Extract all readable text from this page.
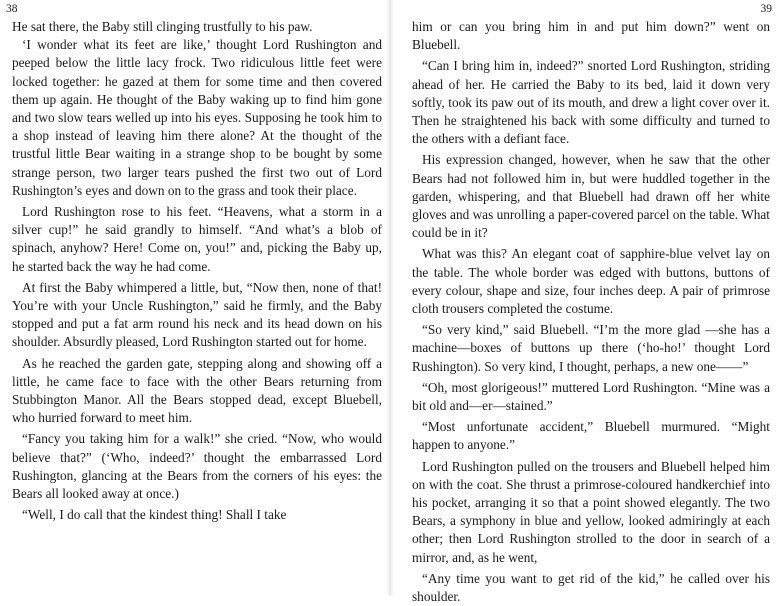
38

He sat there, the Baby still clinging trustfully to his paw.

‘I wonder what its feet are like,’ thought Lord Rushington and peeped below the little lacy frock. Two ridiculous little feet were locked together: he gazed at them for some time and then covered them up again. He thought of the Baby waking up to find him gone and two slow tears welled up into his eyes. Supposing he took him to a shop instead of leaving him there alone? At the thought of the trustful little Bear waiting in a strange shop to be bought by some strange person, two larger tears pushed the first two out of Lord Rushington’s eyes and down on to the grass and took their place.

Lord Rushington rose to his feet. “Heavens, what a storm in a silver cup!” he said grandly to himself. “And what’s a blob of spinach, anyhow? Here! Come on, you!” and, picking the Baby up, he started back the way he had come.

At first the Baby whimpered a little, but, “Now then, none of that! You’re with your Uncle Rushington,” said he firmly, and the Baby stopped and put a fat arm round his neck and its head down on his shoulder. Absurdly pleased, Lord Rushington started out for home.

As he reached the garden gate, stepping along and showing off a little, he came face to face with the other Bears returning from Stubbington Manor. All the Bears stopped dead, except Bluebell, who hurried forward to meet him.

“Fancy you taking him for a walk!” she cried. “Now, who would believe that?” (‘Who, indeed?’ thought the embarrassed Lord Rushington, glancing at the Bears from the corners of his eyes: the Bears all looked away at once.)

“Well, I do call that the kindest thing! Shall I take

39

him or can you bring him in and put him down?” went on Bluebell.

“Can I bring him in, indeed?” snorted Lord Rushington, striding ahead of her. He carried the Baby to its bed, laid it down very softly, took its paw out of its mouth, and drew a light cover over it. Then he straightened his back with some difficulty and turned to the others with a defiant face.

His expression changed, however, when he saw that the other Bears had not followed him in, but were huddled together in the garden, whispering, and that Bluebell had drawn off her white gloves and was unrolling a paper-covered parcel on the table. What could be in it?

What was this? An elegant coat of sapphire-blue velvet lay on the table. The whole border was edged with buttons, buttons of every colour, shape and size, four inches deep. A pair of primrose cloth trousers completed the costume.

“So very kind,” said Bluebell. “I’m the more glad —she has a machine—boxes of buttons up there (‘ho-ho!’ thought Lord Rushington). So very kind, I thought, perhaps, a new one——”

“Oh, most glorigeous!” muttered Lord Rushington. “Mine was a bit old and—er—stained.”

“Most unfortunate accident,” Bluebell murmured. “Might happen to anyone.”

Lord Rushington pulled on the trousers and Bluebell helped him on with the coat. She thrust a primrose-coloured handkerchief into his pocket, arranging it so that a point showed elegantly. The two Bears, a symphony in blue and yellow, looked admiringly at each other; then Lord Rushington strolled to the door in search of a mirror, and, as he went,

“Any time you want to get rid of the kid,” he called over his shoulder.
